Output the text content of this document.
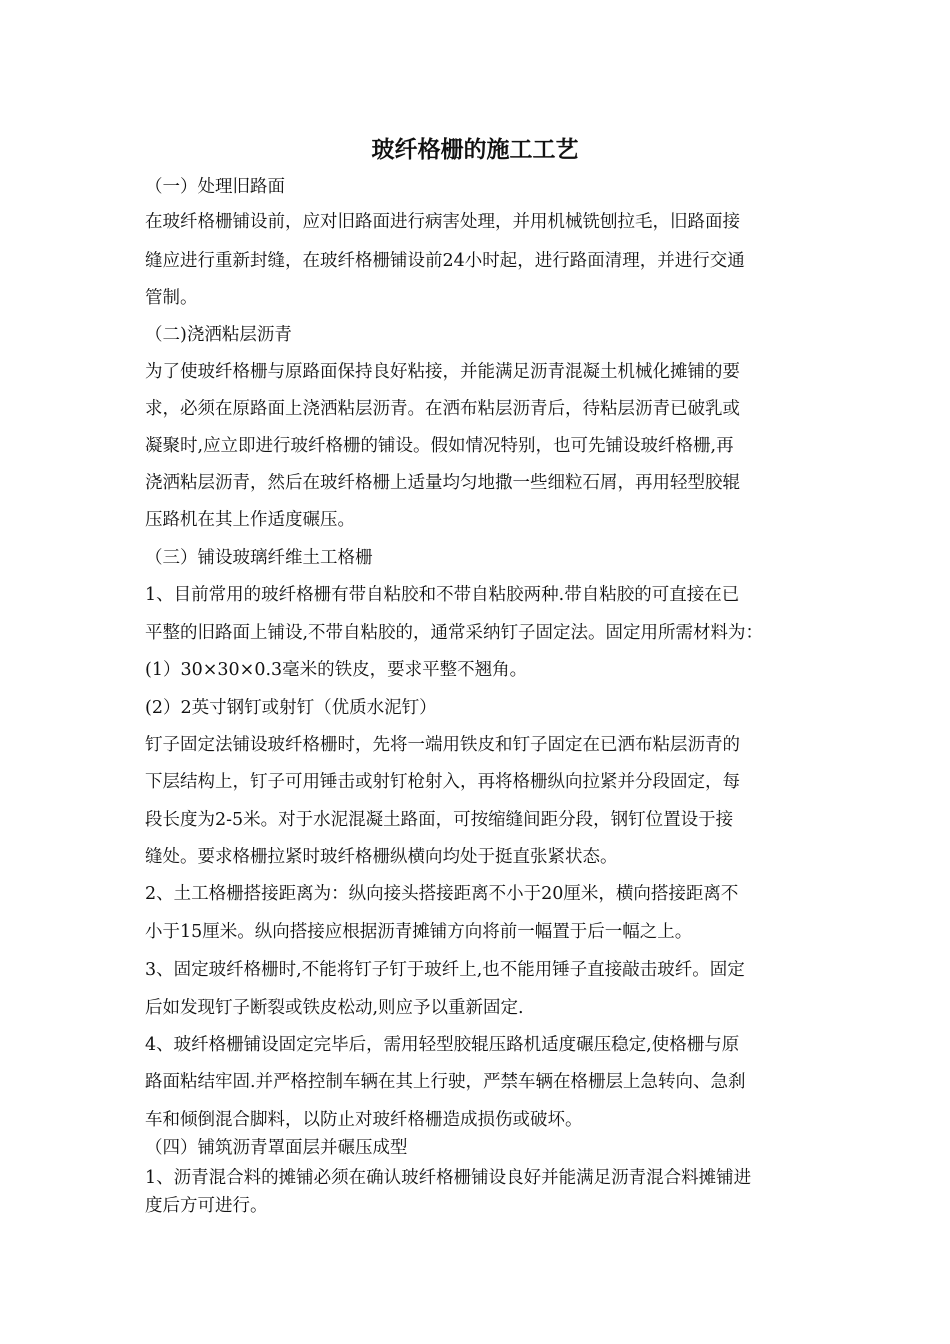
玻纤格栅的施工工艺

（一）处理旧路面

在玻纤格栅铺设前，应对旧路面进行病害处理，并用机械铣刨拉毛，旧路面接

缝应进行重新封缝，在玻纤格栅铺设前24小时起，进行路面清理，并进行交通

管制。

（二)浇洒粘层沥青

为了使玻纤格栅与原路面保持良好粘接，并能满足沥青混凝土机械化摊铺的要

求，必须在原路面上浇洒粘层沥青。在洒布粘层沥青后，待粘层沥青已破乳或

凝聚时,应立即进行玻纤格栅的铺设。假如情况特别，也可先铺设玻纤格栅,再

浇洒粘层沥青，然后在玻纤格栅上适量均匀地撒一些细粒石屑，再用轻型胶辊

压路机在其上作适度碾压。

（三）铺设玻璃纤维土工格栅

1、目前常用的玻纤格栅有带自粘胶和不带自粘胶两种.带自粘胶的可直接在已

平整的旧路面上铺设,不带自粘胶的，通常采纳钉子固定法。固定用所需材料为：

(1）30×30×0.3毫米的铁皮，要求平整不翘角。

(2）2英寸钢钉或射钉（优质水泥钉）

钉子固定法铺设玻纤格栅时，先将一端用铁皮和钉子固定在已洒布粘层沥青的

下层结构上，钉子可用锤击或射钉枪射入，再将格栅纵向拉紧并分段固定，每

段长度为2-5米。对于水泥混凝土路面，可按缩缝间距分段，钢钉位置设于接

缝处。要求格栅拉紧时玻纤格栅纵横向均处于挺直张紧状态。

2、土工格栅搭接距离为：纵向接头搭接距离不小于20厘米，横向搭接距离不

小于15厘米。纵向搭接应根据沥青摊铺方向将前一幅置于后一幅之上。

3、固定玻纤格栅时,不能将钉子钉于玻纤上,也不能用锤子直接敲击玻纤。固定

后如发现钉子断裂或铁皮松动,则应予以重新固定.

4、玻纤格栅铺设固定完毕后，需用轻型胶辊压路机适度碾压稳定,使格栅与原

路面粘结牢固.并严格控制车辆在其上行驶，严禁车辆在格栅层上急转向、急刹

车和倾倒混合脚料，以防止对玻纤格栅造成损伤或破坏。

（四）铺筑沥青罩面层并碾压成型

1、沥青混合料的摊铺必须在确认玻纤格栅铺设良好并能满足沥青混合料摊铺进

度后方可进行。
